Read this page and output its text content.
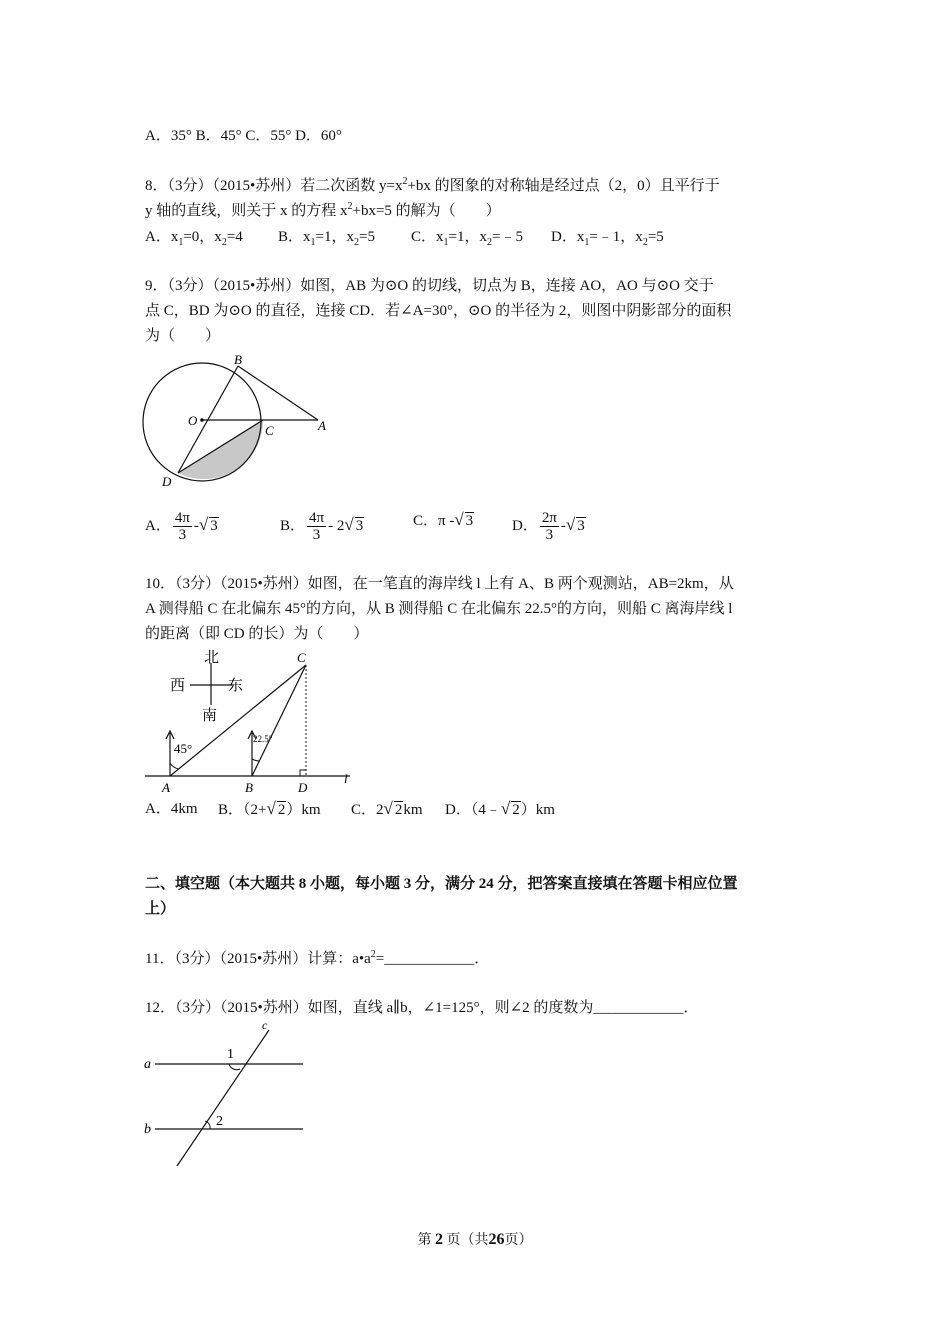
A．35° B．45° C．55° D．60°
8．（3分）（2015•苏州）若二次函数 $y=x^2+bx$ 的图象的对称轴是经过点（2，0）且平行于
y 轴的直线，则关于 x 的方程 $x^2+bx=5$ 的解为（　　）
A．$x_1=0$，$x_2=4$ B．$x_1=1$，$x_2=5$ C．$x_1=1$，$x_2=﹣5$ D．$x_1=﹣1$，$x_2=5$
9．（3分）（2015•苏州）如图，AB 为⊙O 的切线，切点为 B，连接 AO，AO 与⊙O 交于
点 C，BD 为⊙O 的直径，连接 CD．若∠A=30°，⊙O 的半径为 2，则图中阴影部分的面积
为（　　）
B
O
C	A
D
A． $\frac{4\pi}{3}$ -√ 3	B． $\frac{4\pi}{3} - 2√$ 3	C．π -√ 3	D． $\frac{2\pi}{3}$ -√ 3
10．（3分）（2015•苏州）如图，在一笔直的海岸线 l 上有 A、B 两个观测站，AB=2km，从
A 测得船 C 在北偏东 45°的方向，从 B 测得船 C 在北偏东 22.5°的方向，则船 C 离海岸线 l
的距离（即 CD 的长）为（　　）
北
西	东
南
45°
22.5°
C
A	B	D
l
A．4km B．（2+√ 2）km C．2√ 2km D．（4﹣√ 2）km
二、填空题（本大题共 8 小题，每小题 3 分，满分 24 分，把答案直接填在答题卡相应位置
上）
11．（3分）（2015•苏州）计算：$a•a^2=\_\_\_\_\_\_\_\_\_\_\_\_$．
12．（3分）（2015•苏州）如图，直线 a∥b，∠1=125°，则∠2 的度数为____________．
c
a
b
1
2
第 2 页（共26页）
